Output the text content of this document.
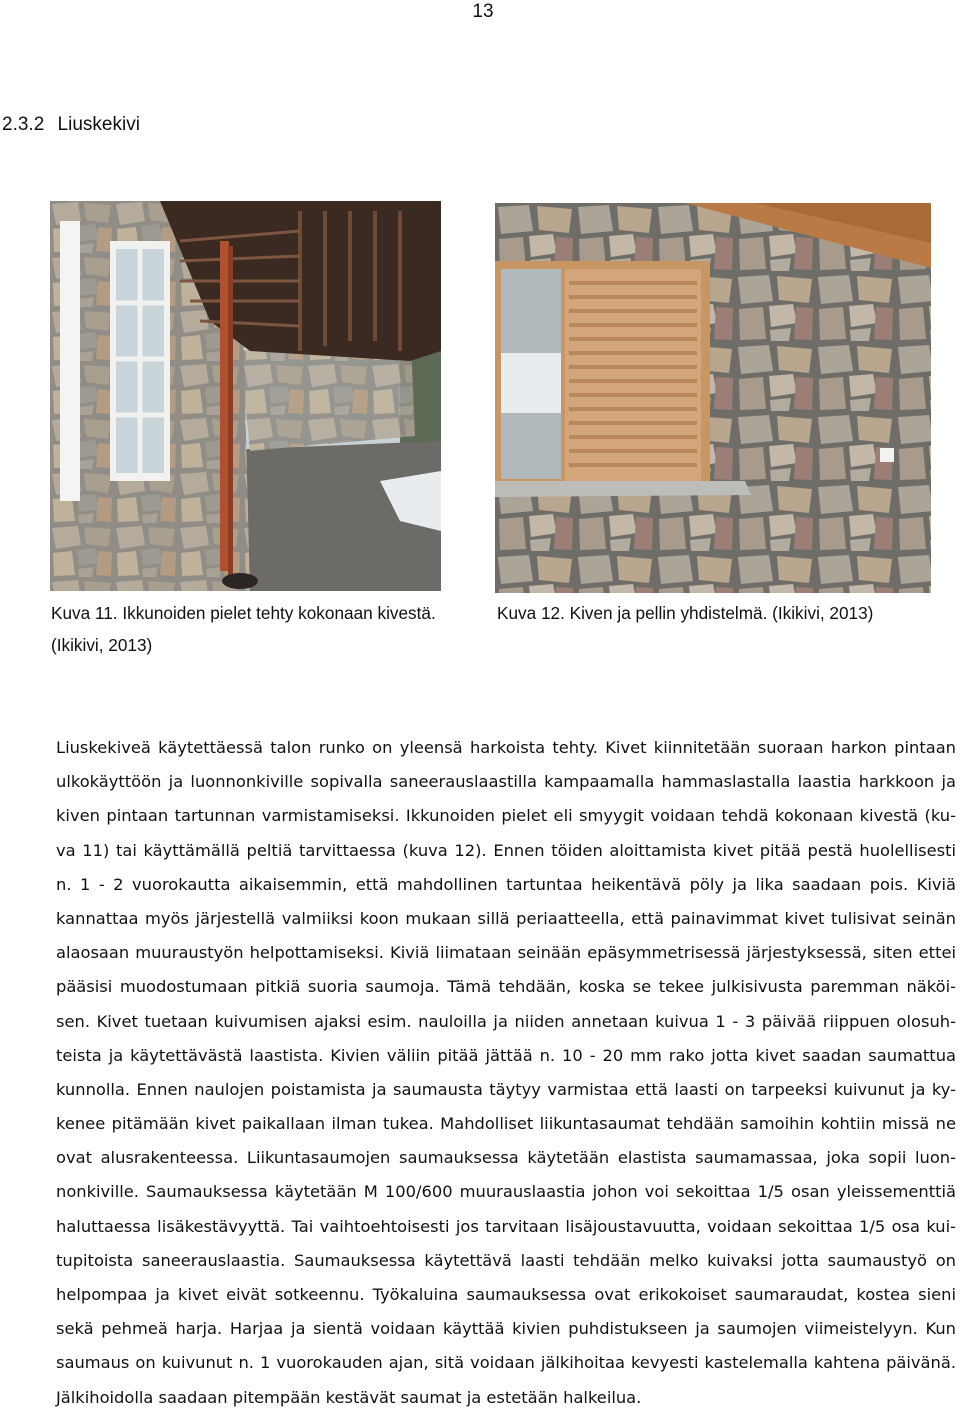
13
2.3.2 Liuskekivi
Kuva 11. Ikkunoiden pielet tehty kokonaan kivestä.
(Ikikivi, 2013)
Kuva 12. Kiven ja pellin yhdistelmä. (Ikikivi, 2013)
Liuskekiveä käytettäessä talon runko on yleensä harkoista tehty. Kivet kiinnitetään suoraan harkon pintaan
ulkokäyttöön ja luonnonkiville sopivalla saneerauslaastilla kampaamalla hammaslastalla laastia harkkoon ja
kiven pintaan tartunnan varmistamiseksi. Ikkunoiden pielet eli smyygit voidaan tehdä kokonaan kivestä (ku-
va 11) tai käyttämällä peltiä tarvittaessa (kuva 12). Ennen töiden aloittamista kivet pitää pestä huolellisesti
n. 1 - 2 vuorokautta aikaisemmin, että mahdollinen tartuntaa heikentävä pöly ja lika saadaan pois. Kiviä
kannattaa myös järjestellä valmiiksi koon mukaan sillä periaatteella, että painavimmat kivet tulisivat seinän
alaosaan muuraustyön helpottamiseksi. Kiviä liimataan seinään epäsymmetrisessä järjestyksessä, siten ettei
pääsisi muodostumaan pitkiä suoria saumoja. Tämä tehdään, koska se tekee julkisivusta paremman näköi-
sen. Kivet tuetaan kuivumisen ajaksi esim. nauloilla ja niiden annetaan kuivua 1 - 3 päivää riippuen olosuh-
teista ja käytettävästä laastista. Kivien väliin pitää jättää n. 10 - 20 mm rako jotta kivet saadan saumattua
kunnolla. Ennen naulojen poistamista ja saumausta täytyy varmistaa että laasti on tarpeeksi kuivunut ja ky-
kenee pitämään kivet paikallaan ilman tukea. Mahdolliset liikuntasaumat tehdään samoihin kohtiin missä ne
ovat alusrakenteessa. Liikuntasaumojen saumauksessa käytetään elastista saumamassaa, joka sopii luon-
nonkiville. Saumauksessa käytetään M 100/600 muurauslaastia johon voi sekoittaa 1/5 osan yleissementtiä
haluttaessa lisäkestävyyttä. Tai vaihtoehtoisesti jos tarvitaan lisäjoustavuutta, voidaan sekoittaa 1/5 osa kui-
tupitoista saneerauslaastia. Saumauksessa käytettävä laasti tehdään melko kuivaksi jotta saumaustyö on
helpompaa ja kivet eivät sotkeennu. Työkaluina saumauksessa ovat erikokoiset saumaraudat, kostea sieni
sekä pehmeä harja. Harjaa ja sientä voidaan käyttää kivien puhdistukseen ja saumojen viimeistelyyn. Kun
saumaus on kuivunut n. 1 vuorokauden ajan, sitä voidaan jälkihoitaa kevyesti kastelemalla kahtena päivänä.
Jälkihoidolla saadaan pitempään kestävät saumat ja estetään halkeilua.
